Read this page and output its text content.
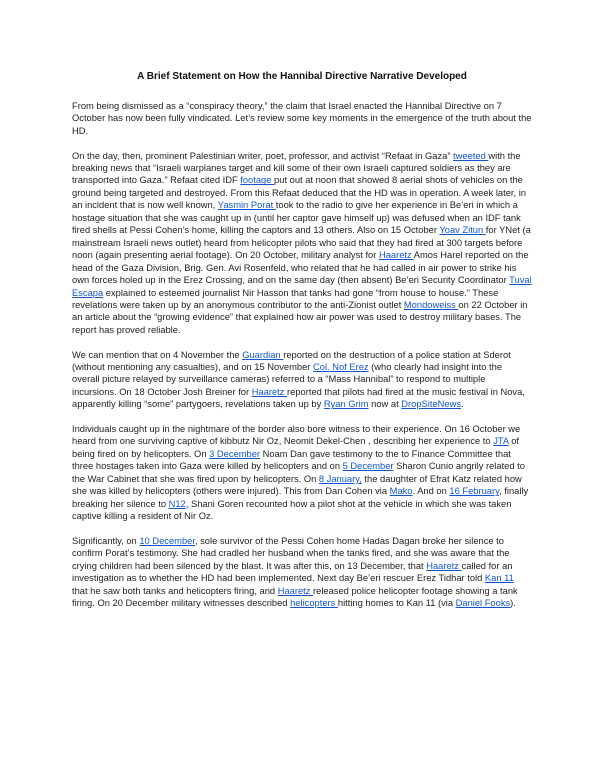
A Brief Statement on How the Hannibal Directive Narrative Developed

From being dismissed as a “conspiracy theory,” the claim that Israel enacted the Hannibal Directive on 7 October has now been fully vindicated. Let’s review some key moments in the emergence of the truth about the HD.

On the day, then, prominent Palestinian writer, poet, professor, and activist “Refaat in Gaza” tweeted with the breaking news that “Israeli warplanes target and kill some of their own Israeli captured soldiers as they are transported into Gaza.” Refaat cited IDF footage put out at noon that showed 8 aerial shots of vehicles on the ground being targeted and destroyed. From this Refaat deduced that the HD was in operation. A week later, in an incident that is now well known, Yasmin Porat took to the radio to give her experience in Be’eri in which a hostage situation that she was caught up in (until her captor gave himself up) was defused when an IDF tank fired shells at Pessi Cohen’s home, killing the captors and 13 others. Also on 15 October Yoav Zitun for YNet (a mainstream Israeli news outlet) heard from helicopter pilots who said that they had fired at 300 targets before noon (again presenting aerial footage). On 20 October, military analyst for Haaretz Amos Harel reported on the head of the Gaza Division, Brig. Gen. Avi Rosenfeld, who related that he had called in air power to strike his own forces holed up in the Erez Crossing, and on the same day (then absent) Be’eri Security Coordinator Tuval Escapa explained to esteemed journalist Nir Hasson that tanks had gone “from house to house.” These revelations were taken up by an anonymous contributor to the anti-Zionist outlet Mondoweiss on 22 October in an article about the “growing evidence” that explained how air power was used to destroy military bases. The report has proved reliable.

We can mention that on 4 November the Guardian reported on the destruction of a police station at Sderot (without mentioning any casualties), and on 15 November Col. Nof Erez (who clearly had insight into the overall picture relayed by surveillance cameras) referred to a “Mass Hannibal” to respond to multiple incursions. On 18 October Josh Breiner for Haaretz reported that pilots had fired at the music festival in Nova, apparently killing “some” partygoers, revelations taken up by Ryan Grim now at DropSiteNews.

Individuals caught up in the nightmare of the border also bore witness to their experience. On 16 October we heard from one surviving captive of kibbutz Nir Oz, Neomit Dekel-Chen , describing her experience to JTA of being fired on by helicopters. On 3 December Noam Dan gave testimony to the to Finance Committee that three hostages taken into Gaza were killed by helicopters and on 5 December Sharon Cunio angrily related to the War Cabinet that she was fired upon by helicopters. On 8 January, the daughter of Efrat Katz related how she was killed by helicopters (others were injured). This from Dan Cohen via Mako. And on 16 February, finally breaking her silence to N12, Shani Goren recounted how a pilot shot at the vehicle in which she was taken captive killing a resident of Nir Oz.

Significantly, on 10 December, sole survivor of the Pessi Cohen home Hadas Dagan broke her silence to confirm Porat’s testimony. She had cradled her husband when the tanks fired, and she was aware that the crying children had been silenced by the blast. It was after this, on 13 December, that Haaretz called for an investigation as to whether the HD had been implemented. Next day Be’eri rescuer Erez Tidhar told Kan 11 that he saw both tanks and helicopters firing, and Haaretz released police helicopter footage showing a tank firing. On 20 December military witnesses described helicopters hitting homes to Kan 11 (via Daniel Fooks).
